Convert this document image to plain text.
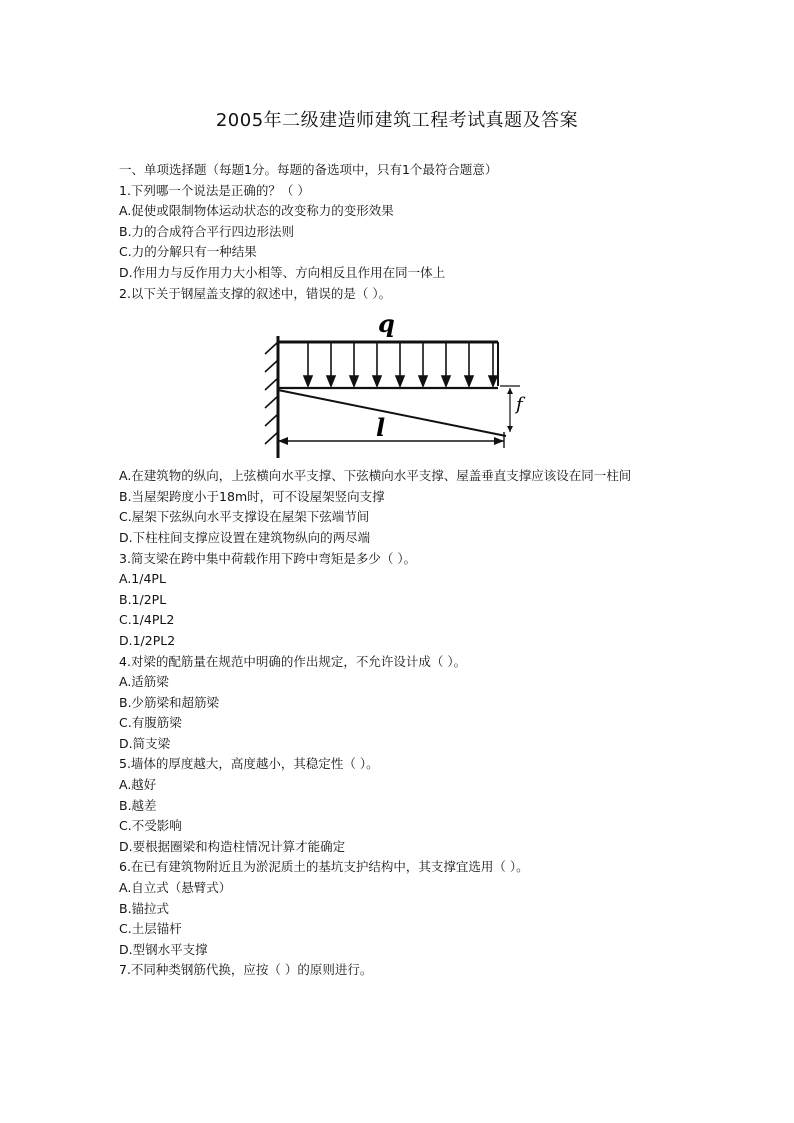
2005年二级建造师建筑工程考试真题及答案
一、单项选择题（每题1分。每题的备选项中，只有1个最符合题意）
1.下列哪一个说法是正确的？（ ）
A.促使或限制物体运动状态的改变称力的变形效果
B.力的合成符合平行四边形法则
C.力的分解只有一种结果
D.作用力与反作用力大小相等、方向相反且作用在同一体上
2.以下关于钢屋盖支撑的叙述中，错误的是（ ）。
f
l
q
A.在建筑物的纵向，上弦横向水平支撑、下弦横向水平支撑、屋盖垂直支撑应该设在同一柱间
B.当屋架跨度小于18m时，可不设屋架竖向支撑
C.屋架下弦纵向水平支撑设在屋架下弦端节间
D.下柱柱间支撑应设置在建筑物纵向的两尽端
3.简支梁在跨中集中荷载作用下跨中弯矩是多少（ ）。
A.1/4PL
B.1/2PL
C.1/4PL2
D.1/2PL2
4.对梁的配筋量在规范中明确的作出规定，不允许设计成（ ）。
A.适筋梁
B.少筋梁和超筋梁
C.有腹筋梁
D.简支梁
5.墙体的厚度越大，高度越小，其稳定性（ ）。
A.越好
B.越差
C.不受影响
D.要根据圈梁和构造柱情况计算才能确定
6.在已有建筑物附近且为淤泥质土的基坑支护结构中，其支撑宜选用（ ）。
A.自立式（悬臂式）
B.锚拉式
C.土层锚杆
D.型钢水平支撑
7.不同种类钢筋代换，应按（ ）的原则进行。
